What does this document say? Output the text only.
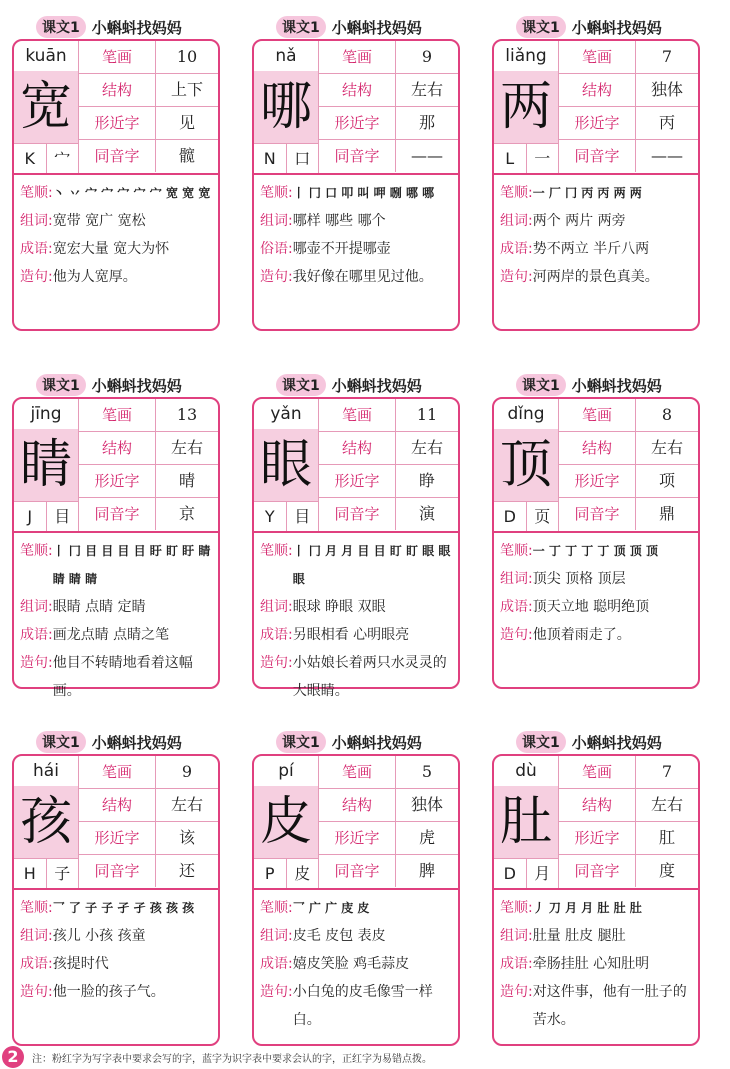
课文1 小蝌蚪找妈妈
kuān
宽
K	宀
笔画	10
结构	上下
形近字	见
同音字	髋
笔顺: 丶 丷 宀 宀 宀 宀 宀 宽 宽 宽
组词: 宽带 宽广 宽松
成语: 宽宏大量 宽大为怀
造句: 他为人宽厚。
课文1 小蝌蚪找妈妈
nǎ
哪
N	口
笔画	9
结构	左右
形近字	那
同音字	——
笔顺: 丨 冂 口 叩 叫 呷 哵 哪 哪
组词: 哪样 哪些 哪个
俗语: 哪壶不开提哪壶
造句: 我好像在哪里见过他。
课文1 小蝌蚪找妈妈
liǎng
两
L	一
笔画	7
结构	独体
形近字	丙
同音字	——
笔顺: 一 厂 冂 丙 丙 两 两
组词: 两个 两片 两旁
成语: 势不两立 半斤八两
造句: 河两岸的景色真美。
课文1 小蝌蚪找妈妈
jīng
睛
J	目
笔画	13
结构	左右
形近字	晴
同音字	京
笔顺: 丨 冂 目 目 目 目 盱 盯 盱 睛 睛 睛 睛
组词: 眼睛 点睛 定睛
成语: 画龙点睛 点睛之笔
造句: 他目不转睛地看着这幅画。
课文1 小蝌蚪找妈妈
yǎn
眼
Y	目
笔画	11
结构	左右
形近字	睁
同音字	演
笔顺: 丨 冂 月 月 目 目 盯 盯 眼 眼 眼
组词: 眼球 睁眼 双眼
成语: 另眼相看 心明眼亮
造句: 小姑娘长着两只水灵灵的大眼睛。
课文1 小蝌蚪找妈妈
dǐng
顶
D	页
笔画	8
结构	左右
形近字	项
同音字	鼎
笔顺: 一 丁 丁 丁 丁 顶 顶 顶
组词: 顶尖 顶格 顶层
成语: 顶天立地 聪明绝顶
造句: 他顶着雨走了。
课文1 小蝌蚪找妈妈
hái
孩
H	子
笔画	9
结构	左右
形近字	该
同音字	还
笔顺: 乛 了 子 子 孑 孑 孩 孩 孩
组词: 孩儿 小孩 孩童
成语: 孩提时代
造句: 他一脸的孩子气。
课文1 小蝌蚪找妈妈
pí
皮
P	皮
笔画	5
结构	独体
形近字	虎
同音字	脾
笔顺: 乛 广 广 庋 皮
组词: 皮毛 皮包 表皮
成语: 嬉皮笑脸 鸡毛蒜皮
造句: 小白兔的皮毛像雪一样白。
课文1 小蝌蚪找妈妈
dù
肚
D	月
笔画	7
结构	左右
形近字	肛
同音字	度
笔顺: 丿 刀 月 月 肚 肚 肚
组词: 肚量 肚皮 腿肚
成语: 牵肠挂肚 心知肚明
造句: 对这件事，他有一肚子的苦水。
2	注：粉红字为写字表中要求会写的字，蓝字为识字表中要求会认的字，正红字为易错点拨。
